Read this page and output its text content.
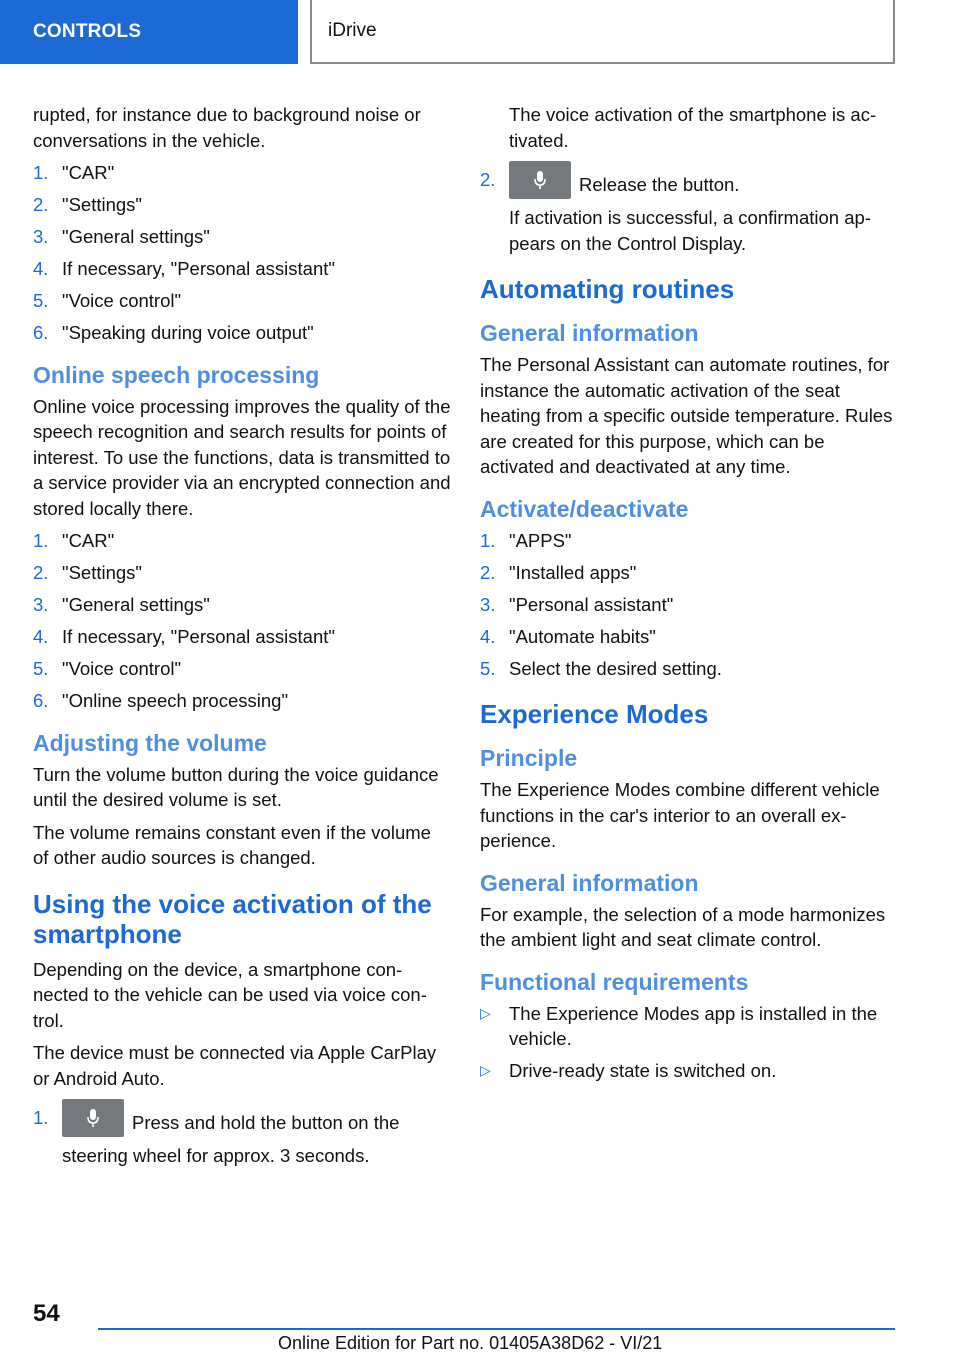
CONTROLS	iDrive

rupted, for instance due to background noise or conversations in the vehicle.

1. "CAR"
2. "Settings"
3. "General settings"
4. If necessary, "Personal assistant"
5. "Voice control"
6. "Speaking during voice output"
Online speech processing

Online voice processing improves the quality of the speech recognition and search results for points of interest. To use the functions, data is transmitted to a service provider via an encrypted connection and stored locally there.

1. "CAR"
2. "Settings"
3. "General settings"
4. If necessary, "Personal assistant"
5. "Voice control"
6. "Online speech processing"
Adjusting the volume

Turn the volume button during the voice guidance until the desired volume is set.

The volume remains constant even if the volume of other audio sources is changed.

Using the voice activation of the smartphone

Depending on the device, a smartphone connected to the vehicle can be used via voice control.

The device must be connected via Apple CarPlay or Android Auto.

1.	Press and hold the button on the steering wheel for approx. 3 seconds.

The voice activation of the smartphone is activated.

2.	Release the button.

If activation is successful, a confirmation appears on the Control Display.

Automating routines
General information

The Personal Assistant can automate routines, for instance the automatic activation of the seat heating from a specific outside temperature. Rules are created for this purpose, which can be activated and deactivated at any time.

Activate/deactivate
1. "APPS"
2. "Installed apps"
3. "Personal assistant"
4. "Automate habits"
5. Select the desired setting.
Experience Modes
Principle

The Experience Modes combine different vehicle functions in the car's interior to an overall experience.

General information

For example, the selection of a mode harmonizes the ambient light and seat climate control.

Functional requirements
▷ The Experience Modes app is installed in the vehicle.
▷ Drive-ready state is switched on.
54
Online Edition for Part no. 01405A38D62 - VI/21
